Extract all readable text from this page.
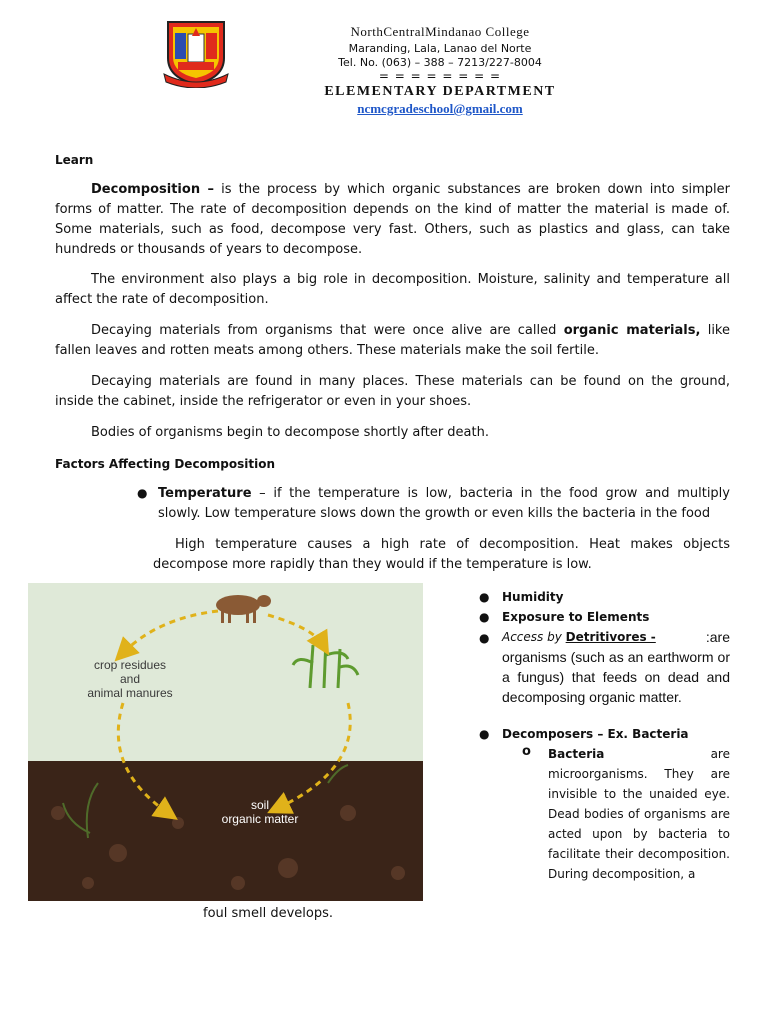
NorthCentralMindanao College
Maranding, Lala, Lanao del Norte
Tel. No. (063) – 388 – 7213/227-8004
= = = = = = = =
ELEMENTARY DEPARTMENT
ncmcgradeschool@gmail.com
Learn
Decomposition – is the process by which organic substances are broken down into simpler forms of matter. The rate of decomposition depends on the kind of matter the material is made of. Some materials, such as food, decompose very fast. Others, such as plastics and glass, can take hundreds or thousands of years to decompose.
The environment also plays a big role in decomposition. Moisture, salinity and temperature all affect the rate of decomposition.
Decaying materials from organisms that were once alive are called organic materials, like fallen leaves and rotten meats among others. These materials make the soil fertile.
Decaying materials are found in many places. These materials can be found on the ground, inside the cabinet, inside the refrigerator or even in your shoes.
Bodies of organisms begin to decompose shortly after death.
Factors Affecting Decomposition
● Temperature – if the temperature is low, bacteria in the food grow and multiply slowly. Low temperature slows down the growth or even kills the bacteria in the food
High temperature causes a high rate of decomposition. Heat makes objects decompose more rapidly than they would if the temperature is low.
crop residues
and
animal manures
soil
organic matter
● Humidity
● Exposure to Elements
● Access by Detritivores -	:are
organisms (such as an earthworm or a fungus) that feeds on dead and decomposing organic matter.
● Decomposers – Ex. Bacteria
o Bacteria are microorganisms. They are invisible to the unaided eye. Dead bodies of organisms are acted upon by bacteria to facilitate their decomposition. During decomposition, a
foul smell develops.
